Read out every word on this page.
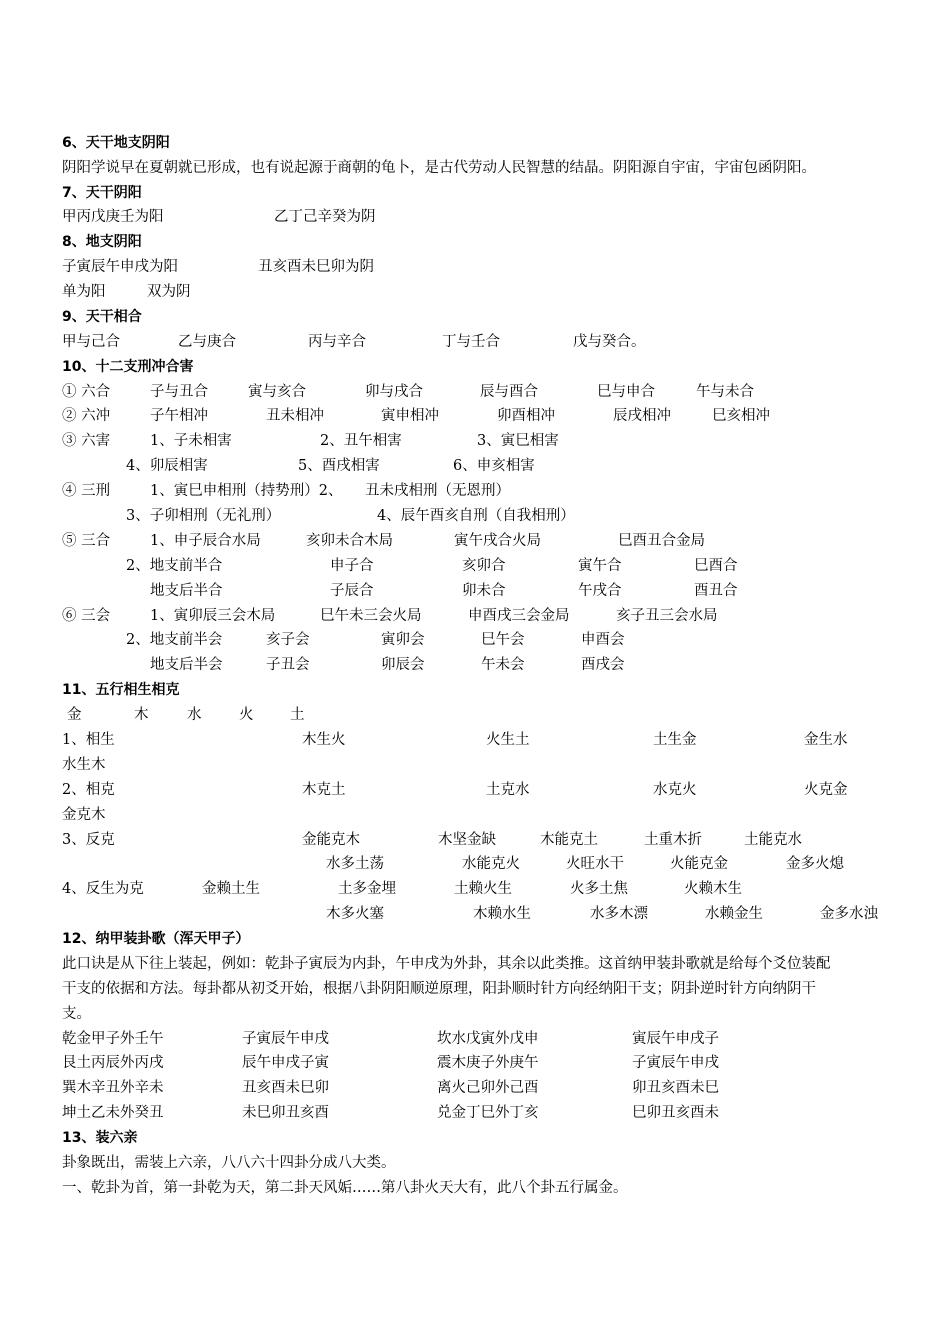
6、天干地支阴阳
阴阳学说早在夏朝就已形成，也有说起源于商朝的龟卜，是古代劳动人民智慧的结晶。阴阳源自宇宙，宇宙包函阴阳。
7、天干阴阳
甲丙戊庚壬为阳	乙丁己辛癸为阴
8、地支阴阳
子寅辰午申戌为阳	丑亥酉未巳卯为阴
单为阳	双为阴
9、天干相合
甲与己合	乙与庚合	丙与辛合	丁与壬合	戊与癸合。
10、十二支刑冲合害
① 六合	子与丑合	寅与亥合	卯与戌合	辰与酉合	巳与申合	午与未合
② 六冲	子午相冲	丑未相冲	寅申相冲	卯酉相冲	辰戌相冲	巳亥相冲
③ 六害	1、子未相害	2、丑午相害	3、寅巳相害
4、卯辰相害	5、酉戌相害	6、申亥相害
④ 三刑	1、寅巳申相刑（持势刑）2、 丑未戌相刑（无恩刑）
3、子卯相刑（无礼刑）	4、辰午酉亥自刑（自我相刑）
⑤ 三合	1、申子辰合水局	亥卯未合木局	寅午戌合火局	巳酉丑合金局
2、地支前半合	申子合	亥卯合	寅午合	巳酉合
地支后半合	子辰合	卯未合	午戌合	酉丑合
⑥ 三会	1、寅卯辰三会木局	巳午未三会火局	申酉戌三会金局	亥子丑三会水局
2、地支前半会	亥子会	寅卯会	巳午会	申酉会
地支后半会	子丑会	卯辰会	午未会	酉戌会
11、五行相生相克
金	木	水	火	土
1、相生	木生火	火生土	土生金	金生水
水生木
2、相克	木克土	土克水	水克火	火克金
金克木
3、反克	金能克木	木坚金缺	木能克土	土重木折	土能克水
水多土荡	水能克火	火旺水干	火能克金	金多火熄
4、反生为克	金赖土生	土多金埋	土赖火生	火多土焦	火赖木生
木多火塞	木赖水生	水多木漂	水赖金生	金多水浊
12、纳甲装卦歌（浑天甲子）
此口诀是从下往上装起，例如：乾卦子寅辰为内卦，午申戌为外卦，其余以此类推。这首纳甲装卦歌就是给每个爻位装配
干支的依据和方法。每卦都从初爻开始，根据八卦阴阳顺逆原理，阳卦顺时针方向经纳阳干支；阴卦逆时针方向纳阴干
支。
乾金甲子外壬午	子寅辰午申戌	坎水戊寅外戊申	寅辰午申戌子
艮土丙辰外丙戌	辰午申戌子寅	震木庚子外庚午	子寅辰午申戌
巽木辛丑外辛未	丑亥酉未巳卯	离火己卯外己酉	卯丑亥酉未巳
坤土乙未外癸丑	未巳卯丑亥酉	兑金丁巳外丁亥	巳卯丑亥酉未
13、装六亲
卦象既出，需装上六亲，八八六十四卦分成八大类。
一、乾卦为首，第一卦乾为天，第二卦天风姤……第八卦火天大有，此八个卦五行属金。
